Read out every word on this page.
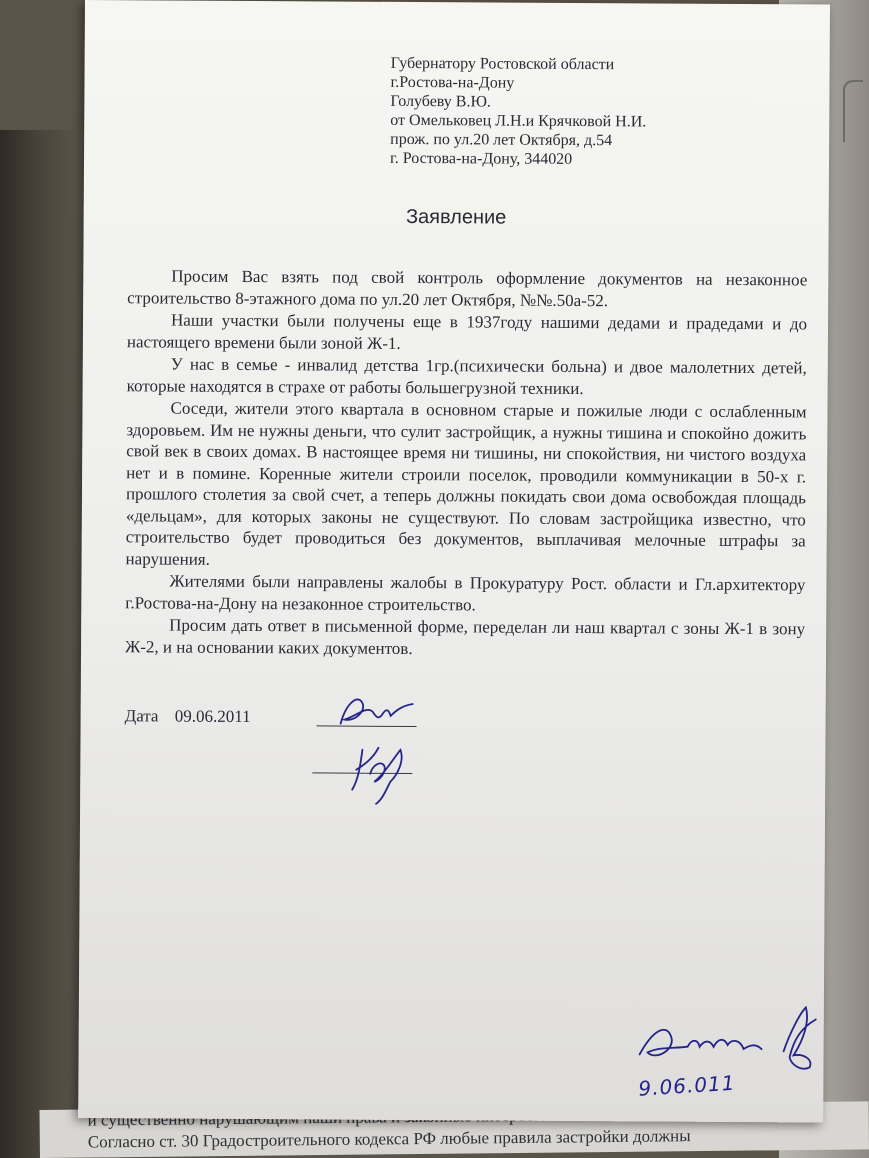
Согласно ст. 30 Градостроительного кодекса РФ любые правила застройки должны

Губернатору Ростовской области
г.Ростова-на-Дону
Голубеву В.Ю.
от Омельковец Л.Н.и Крячковой Н.И.
прож. по ул.20 лет Октября, д.54
г. Ростова-на-Дону, 344020
Заявление

Просим Вас взять под свой контроль оформление документов на незаконное строительство 8-этажного дома по ул.20 лет Октября, №№.50а-52.

Наши участки были получены еще в 1937году нашими дедами и прадедами и до настоящего времени были зоной Ж-1.

У нас в семье - инвалид детства 1гр.(психически больна) и двое малолетних детей, которые находятся в страхе от работы большегрузной техники.

Соседи, жители этого квартала в основном старые и пожилые люди с ослабленным здоровьем. Им не нужны деньги, что сулит застройщик, а нужны тишина и спокойно дожить свой век в своих домах. В настоящее время ни тишины, ни спокойствия, ни чистого воздуха нет и в помине. Коренные жители строили поселок, проводили коммуникации в 50-х г. прошлого столетия за свой счет, а теперь должны покидать свои дома освобождая площадь «дельцам», для которых законы не существуют. По словам застройщика известно, что строительство будет проводиться без документов, выплачивая мелочные штрафы за нарушения.

Жителями были направлены жалобы в Прокуратуру Рост. области и Гл.архитектору г.Ростова-на-Дону на незаконное строительство.

Просим дать ответ в письменной форме, переделан ли наш квартал с зоны Ж-1 в зону Ж-2, и на основании каких документов.

Дата 09.06.2011
9.06.011
